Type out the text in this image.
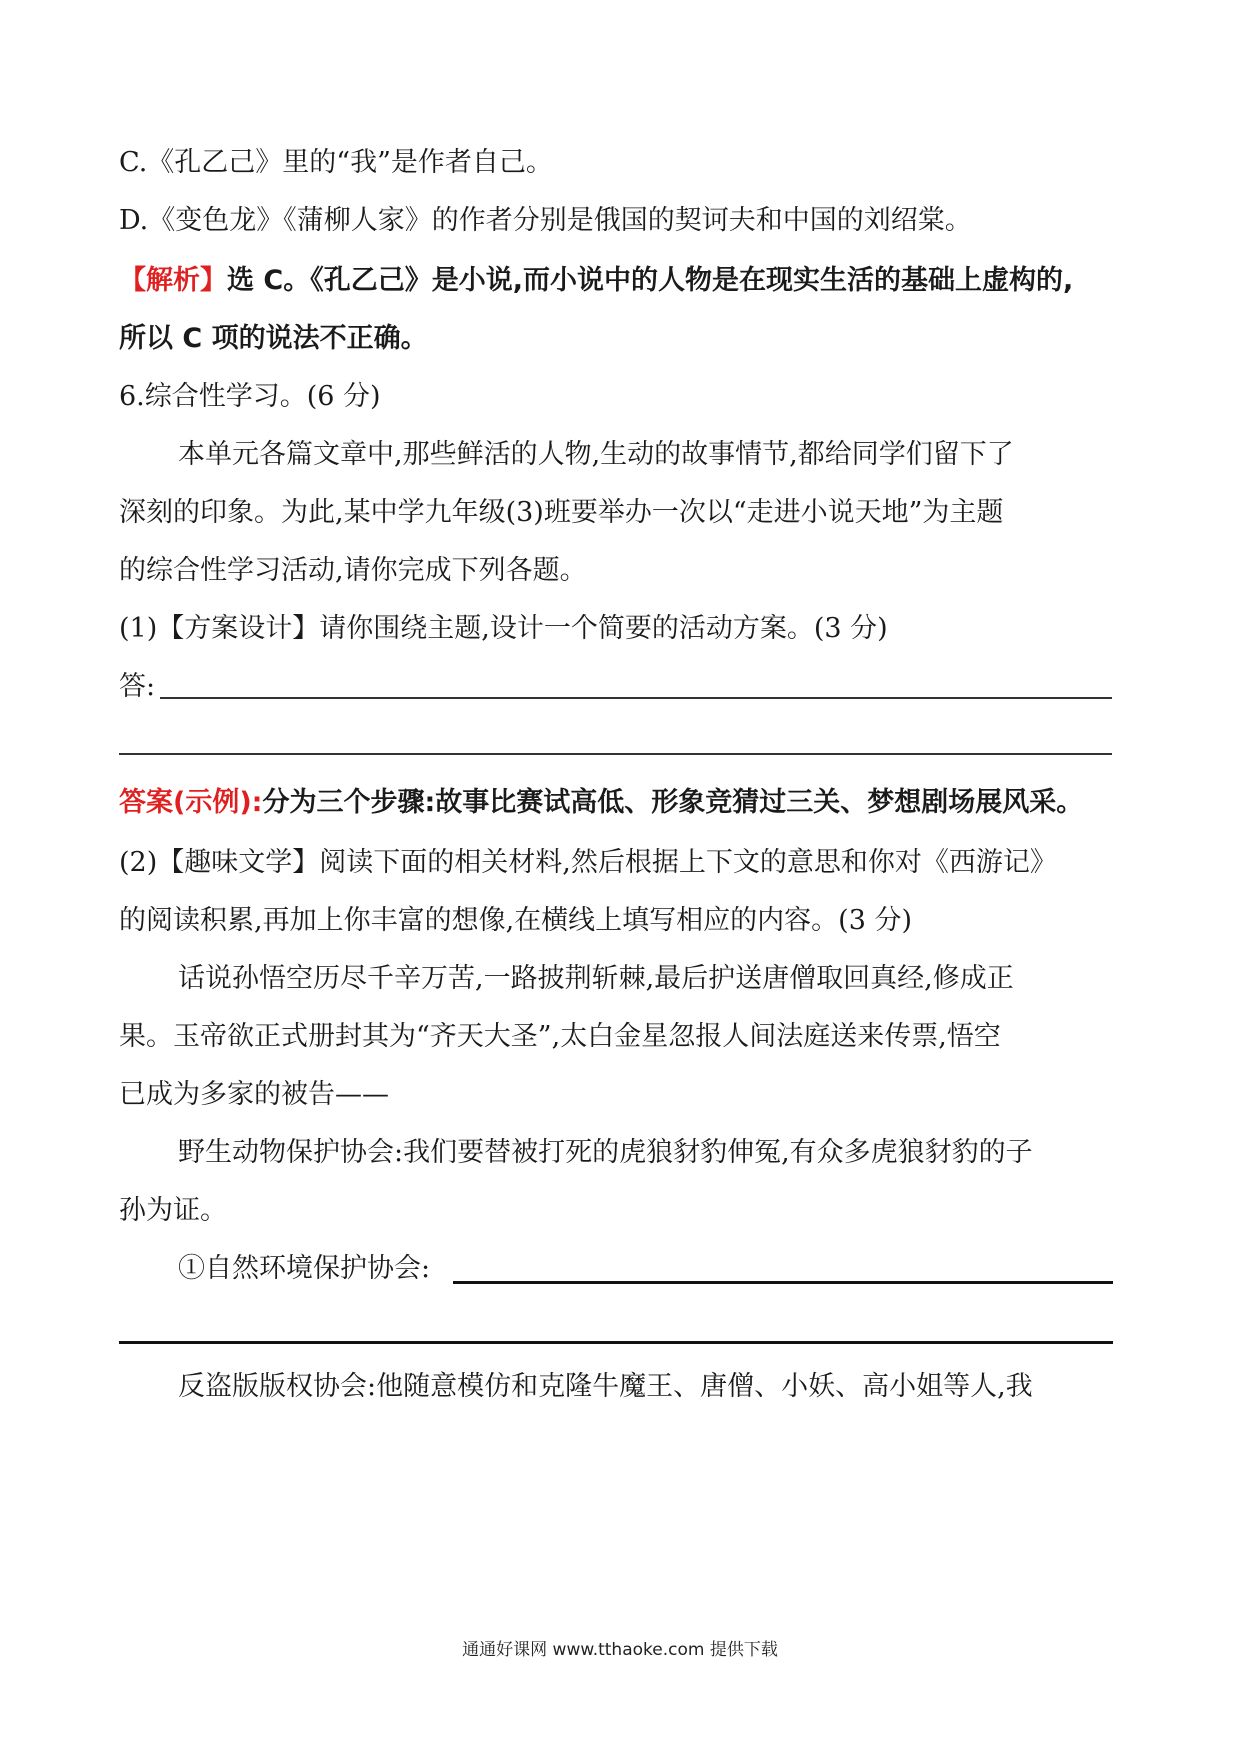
C.《孔乙己》里的“我”是作者自己。
D.《变色龙》《蒲柳人家》的作者分别是俄国的契诃夫和中国的刘绍棠。
【解析】选 C。《孔乙己》是小说,而小说中的人物是在现实生活的基础上虚构的,
所以 C 项的说法不正确。
6.综合性学习。(6 分)
本单元各篇文章中,那些鲜活的人物,生动的故事情节,都给同学们留下了
深刻的印象。为此,某中学九年级(3)班要举办一次以“走进小说天地”为主题
的综合性学习活动,请你完成下列各题。
(1)【方案设计】请你围绕主题,设计一个简要的活动方案。(3 分)
答:
答案(示例):分为三个步骤:故事比赛试高低、形象竞猜过三关、梦想剧场展风采。
(2)【趣味文学】阅读下面的相关材料,然后根据上下文的意思和你对《西游记》
的阅读积累,再加上你丰富的想像,在横线上填写相应的内容。(3 分)
话说孙悟空历尽千辛万苦,一路披荆斩棘,最后护送唐僧取回真经,修成正
果。玉帝欲正式册封其为“齐天大圣”,太白金星忽报人间法庭送来传票,悟空
已成为多家的被告——
野生动物保护协会:我们要替被打死的虎狼豺豹伸冤,有众多虎狼豺豹的子
孙为证。
①自然环境保护协会:
反盗版版权协会:他随意模仿和克隆牛魔王、唐僧、小妖、高小姐等人,我
通通好课网 www.tthaoke.com 提供下载
